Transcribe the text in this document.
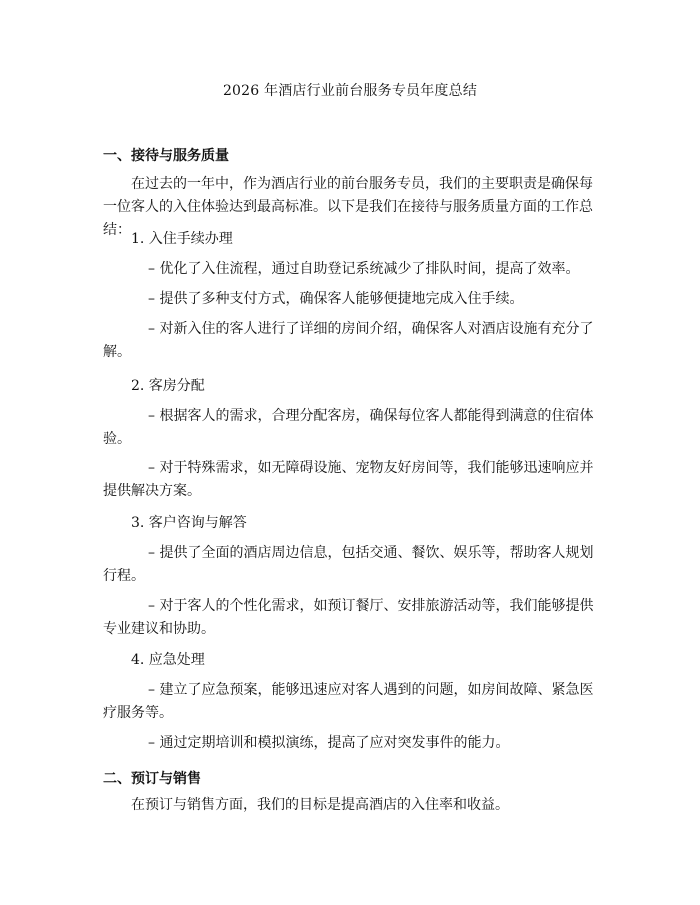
2026 年酒店行业前台服务专员年度总结
一、接待与服务质量
在过去的一年中，作为酒店行业的前台服务专员，我们的主要职责是确保每一位客人的入住体验达到最高标准。以下是我们在接待与服务质量方面的工作总结：
1. 入住手续办理
– 优化了入住流程，通过自助登记系统减少了排队时间，提高了效率。
– 提供了多种支付方式，确保客人能够便捷地完成入住手续。
– 对新入住的客人进行了详细的房间介绍，确保客人对酒店设施有充分了解。
2. 客房分配
– 根据客人的需求，合理分配客房，确保每位客人都能得到满意的住宿体验。
– 对于特殊需求，如无障碍设施、宠物友好房间等，我们能够迅速响应并提供解决方案。
3. 客户咨询与解答
– 提供了全面的酒店周边信息，包括交通、餐饮、娱乐等，帮助客人规划行程。
– 对于客人的个性化需求，如预订餐厅、安排旅游活动等，我们能够提供专业建议和协助。
4. 应急处理
– 建立了应急预案，能够迅速应对客人遇到的问题，如房间故障、紧急医疗服务等。
– 通过定期培训和模拟演练，提高了应对突发事件的能力。
二、预订与销售
在预订与销售方面，我们的目标是提高酒店的入住率和收益。
